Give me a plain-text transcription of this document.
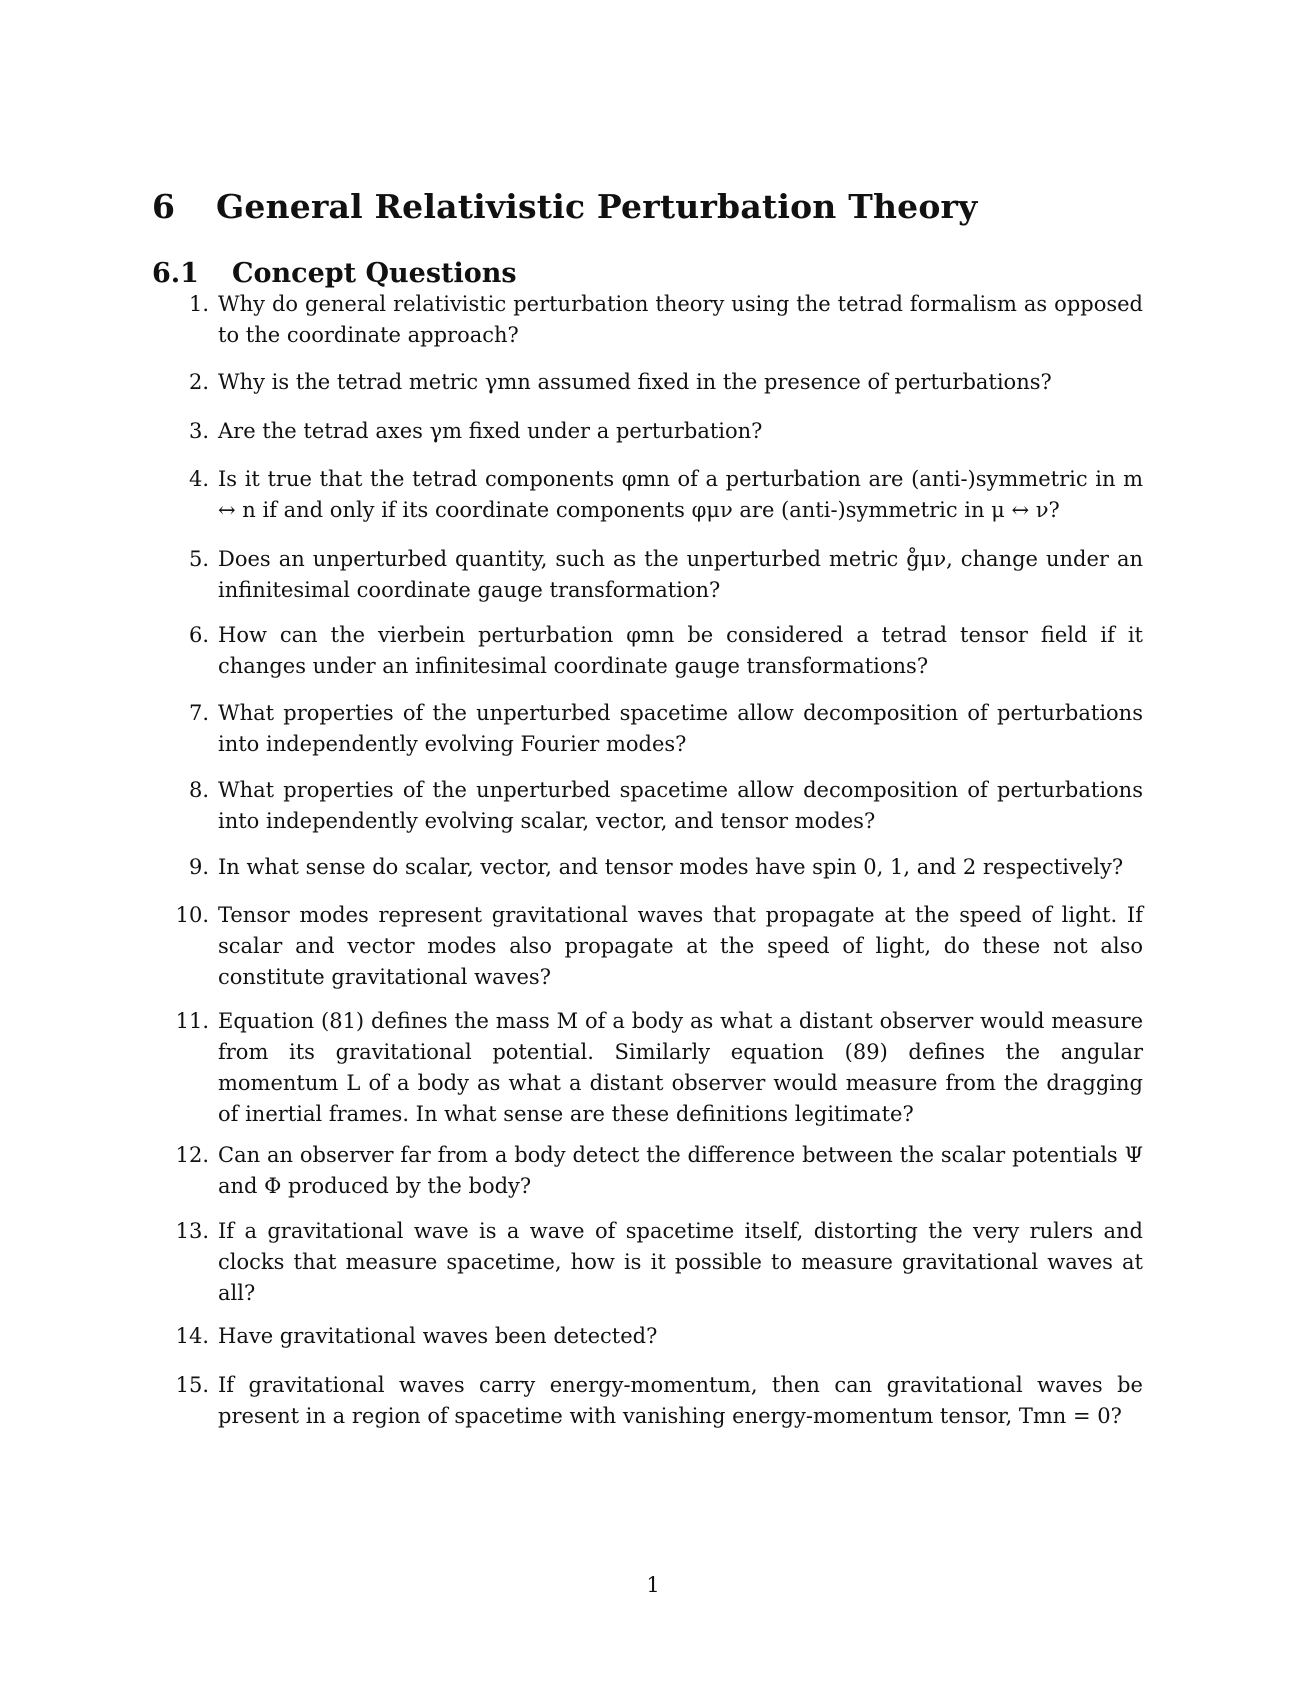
6 General Relativistic Perturbation Theory
6.1 Concept Questions
1. Why do general relativistic perturbation theory using the tetrad formalism as opposed to the coordinate approach?
2. Why is the tetrad metric γmn assumed fixed in the presence of perturbations?
3. Are the tetrad axes γm fixed under a perturbation?
4. Is it true that the tetrad components φmn of a perturbation are (anti-)symmetric in m ↔ n if and only if its coordinate components φμν are (anti-)symmetric in μ ↔ ν?
5. Does an unperturbed quantity, such as the unperturbed metric g̊μν, change under an infinitesimal coordinate gauge transformation?
6. How can the vierbein perturbation φmn be considered a tetrad tensor field if it changes under an infinitesimal coordinate gauge transformations?
7. What properties of the unperturbed spacetime allow decomposition of perturbations into independently evolving Fourier modes?
8. What properties of the unperturbed spacetime allow decomposition of perturbations into independently evolving scalar, vector, and tensor modes?
9. In what sense do scalar, vector, and tensor modes have spin 0, 1, and 2 respectively?
10. Tensor modes represent gravitational waves that propagate at the speed of light. If scalar and vector modes also propagate at the speed of light, do these not also constitute gravitational waves?
11. Equation (81) defines the mass M of a body as what a distant observer would measure from its gravitational potential. Similarly equation (89) defines the angular momentum L of a body as what a distant observer would measure from the dragging of inertial frames. In what sense are these definitions legitimate?
12. Can an observer far from a body detect the difference between the scalar potentials Ψ and Φ produced by the body?
13. If a gravitational wave is a wave of spacetime itself, distorting the very rulers and clocks that measure spacetime, how is it possible to measure gravitational waves at all?
14. Have gravitational waves been detected?
15. If gravitational waves carry energy-momentum, then can gravitational waves be present in a region of spacetime with vanishing energy-momentum tensor, Tmn = 0?
1
